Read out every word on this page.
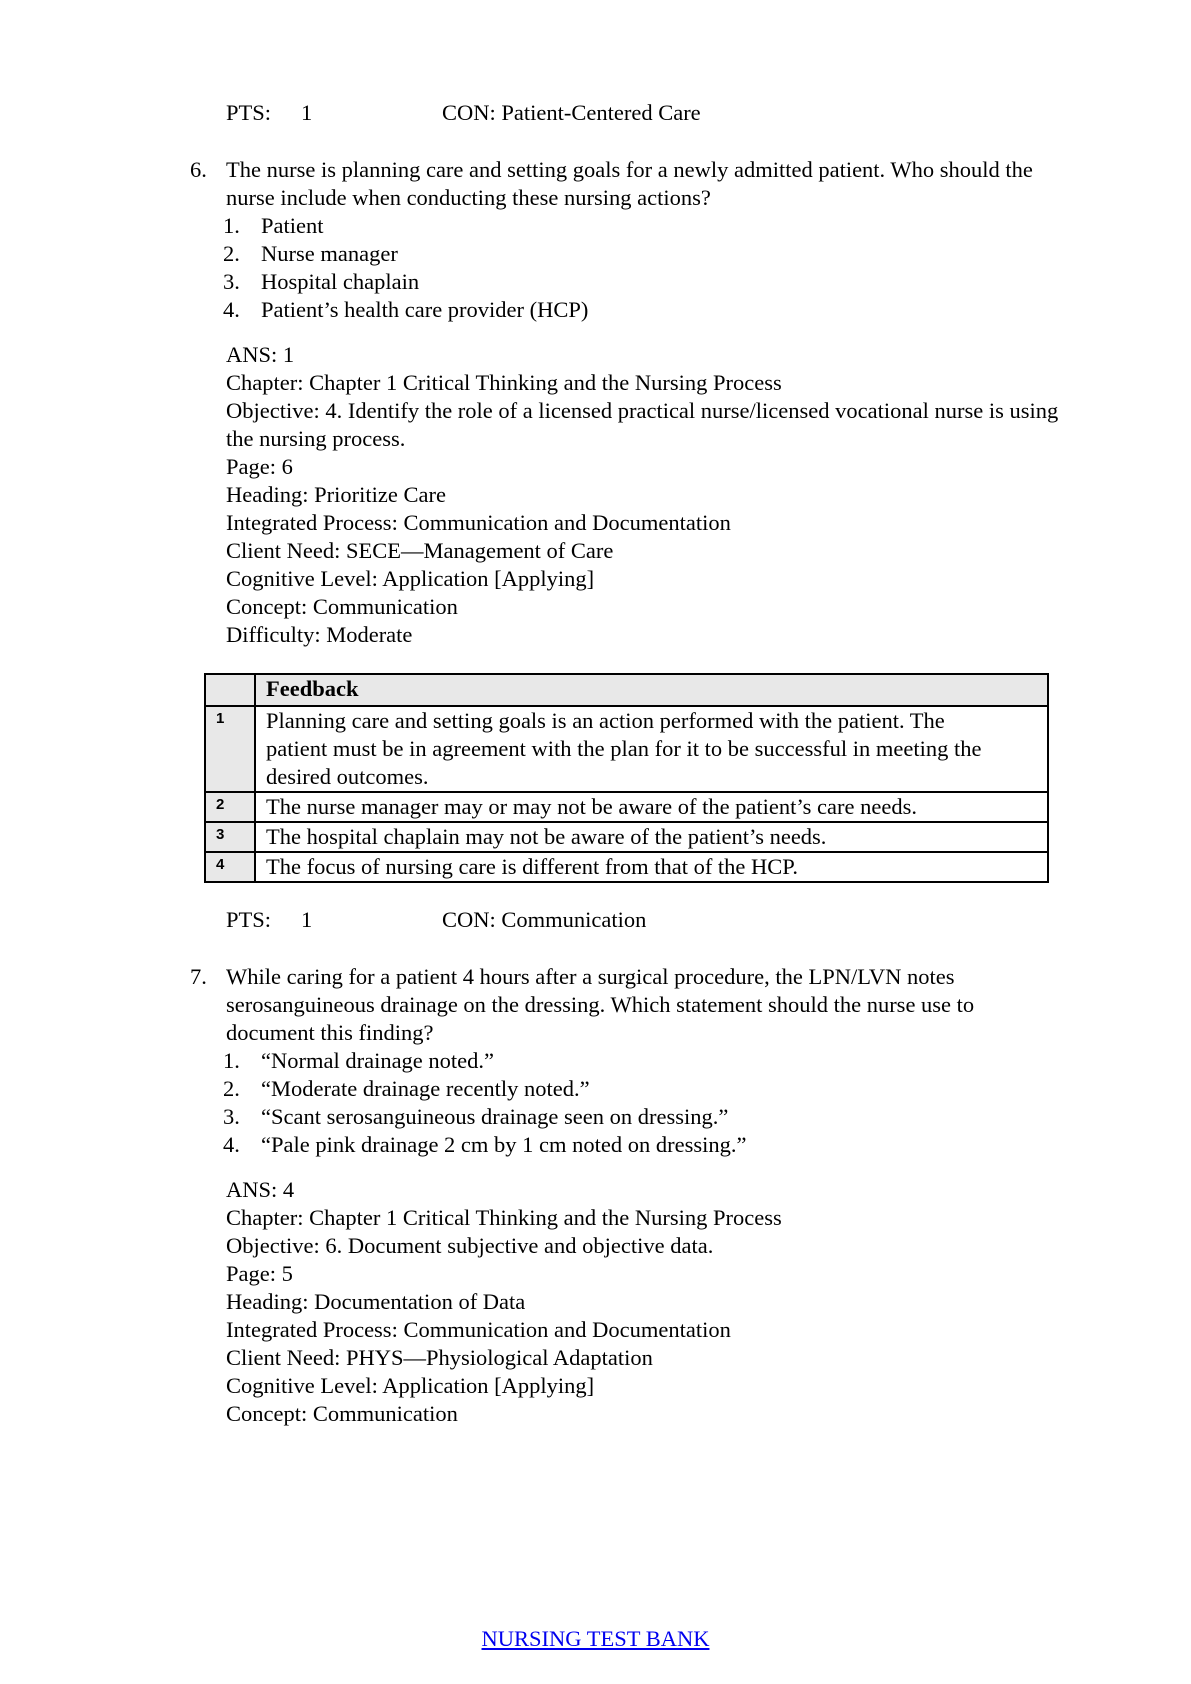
PTS: 1	CON: Patient-Centered Care
6. The nurse is planning care and setting goals for a newly admitted patient. Who should the
nurse include when conducting these nursing actions?
1. Patient
2. Nurse manager
3. Hospital chaplain
4. Patient’s health care provider (HCP)
ANS: 1
Chapter: Chapter 1 Critical Thinking and the Nursing Process
Objective: 4. Identify the role of a licensed practical nurse/licensed vocational nurse is using
the nursing process.
Page: 6
Heading: Prioritize Care
Integrated Process: Communication and Documentation
Client Need: SECE—Management of Care
Cognitive Level: Application [Applying]
Concept: Communication
Difficulty: Moderate
	Feedback
1	Planning care and setting goals is an action performed with the patient. The
patient must be in agreement with the plan for it to be successful in meeting the
desired outcomes.

2	The nurse manager may or may not be aware of the patient’s care needs.
3	The hospital chaplain may not be aware of the patient’s needs.
4	The focus of nursing care is different from that of the HCP.
PTS: 1	CON: Communication
7. While caring for a patient 4 hours after a surgical procedure, the LPN/LVN notes
serosanguineous drainage on the dressing. Which statement should the nurse use to
document this finding?
1. “Normal drainage noted.”
2. “Moderate drainage recently noted.”
3. “Scant serosanguineous drainage seen on dressing.”
4. “Pale pink drainage 2 cm by 1 cm noted on dressing.”
ANS: 4
Chapter: Chapter 1 Critical Thinking and the Nursing Process
Objective: 6. Document subjective and objective data.
Page: 5
Heading: Documentation of Data
Integrated Process: Communication and Documentation
Client Need: PHYS—Physiological Adaptation
Cognitive Level: Application [Applying]
Concept: Communication
NURSING TEST BANK
